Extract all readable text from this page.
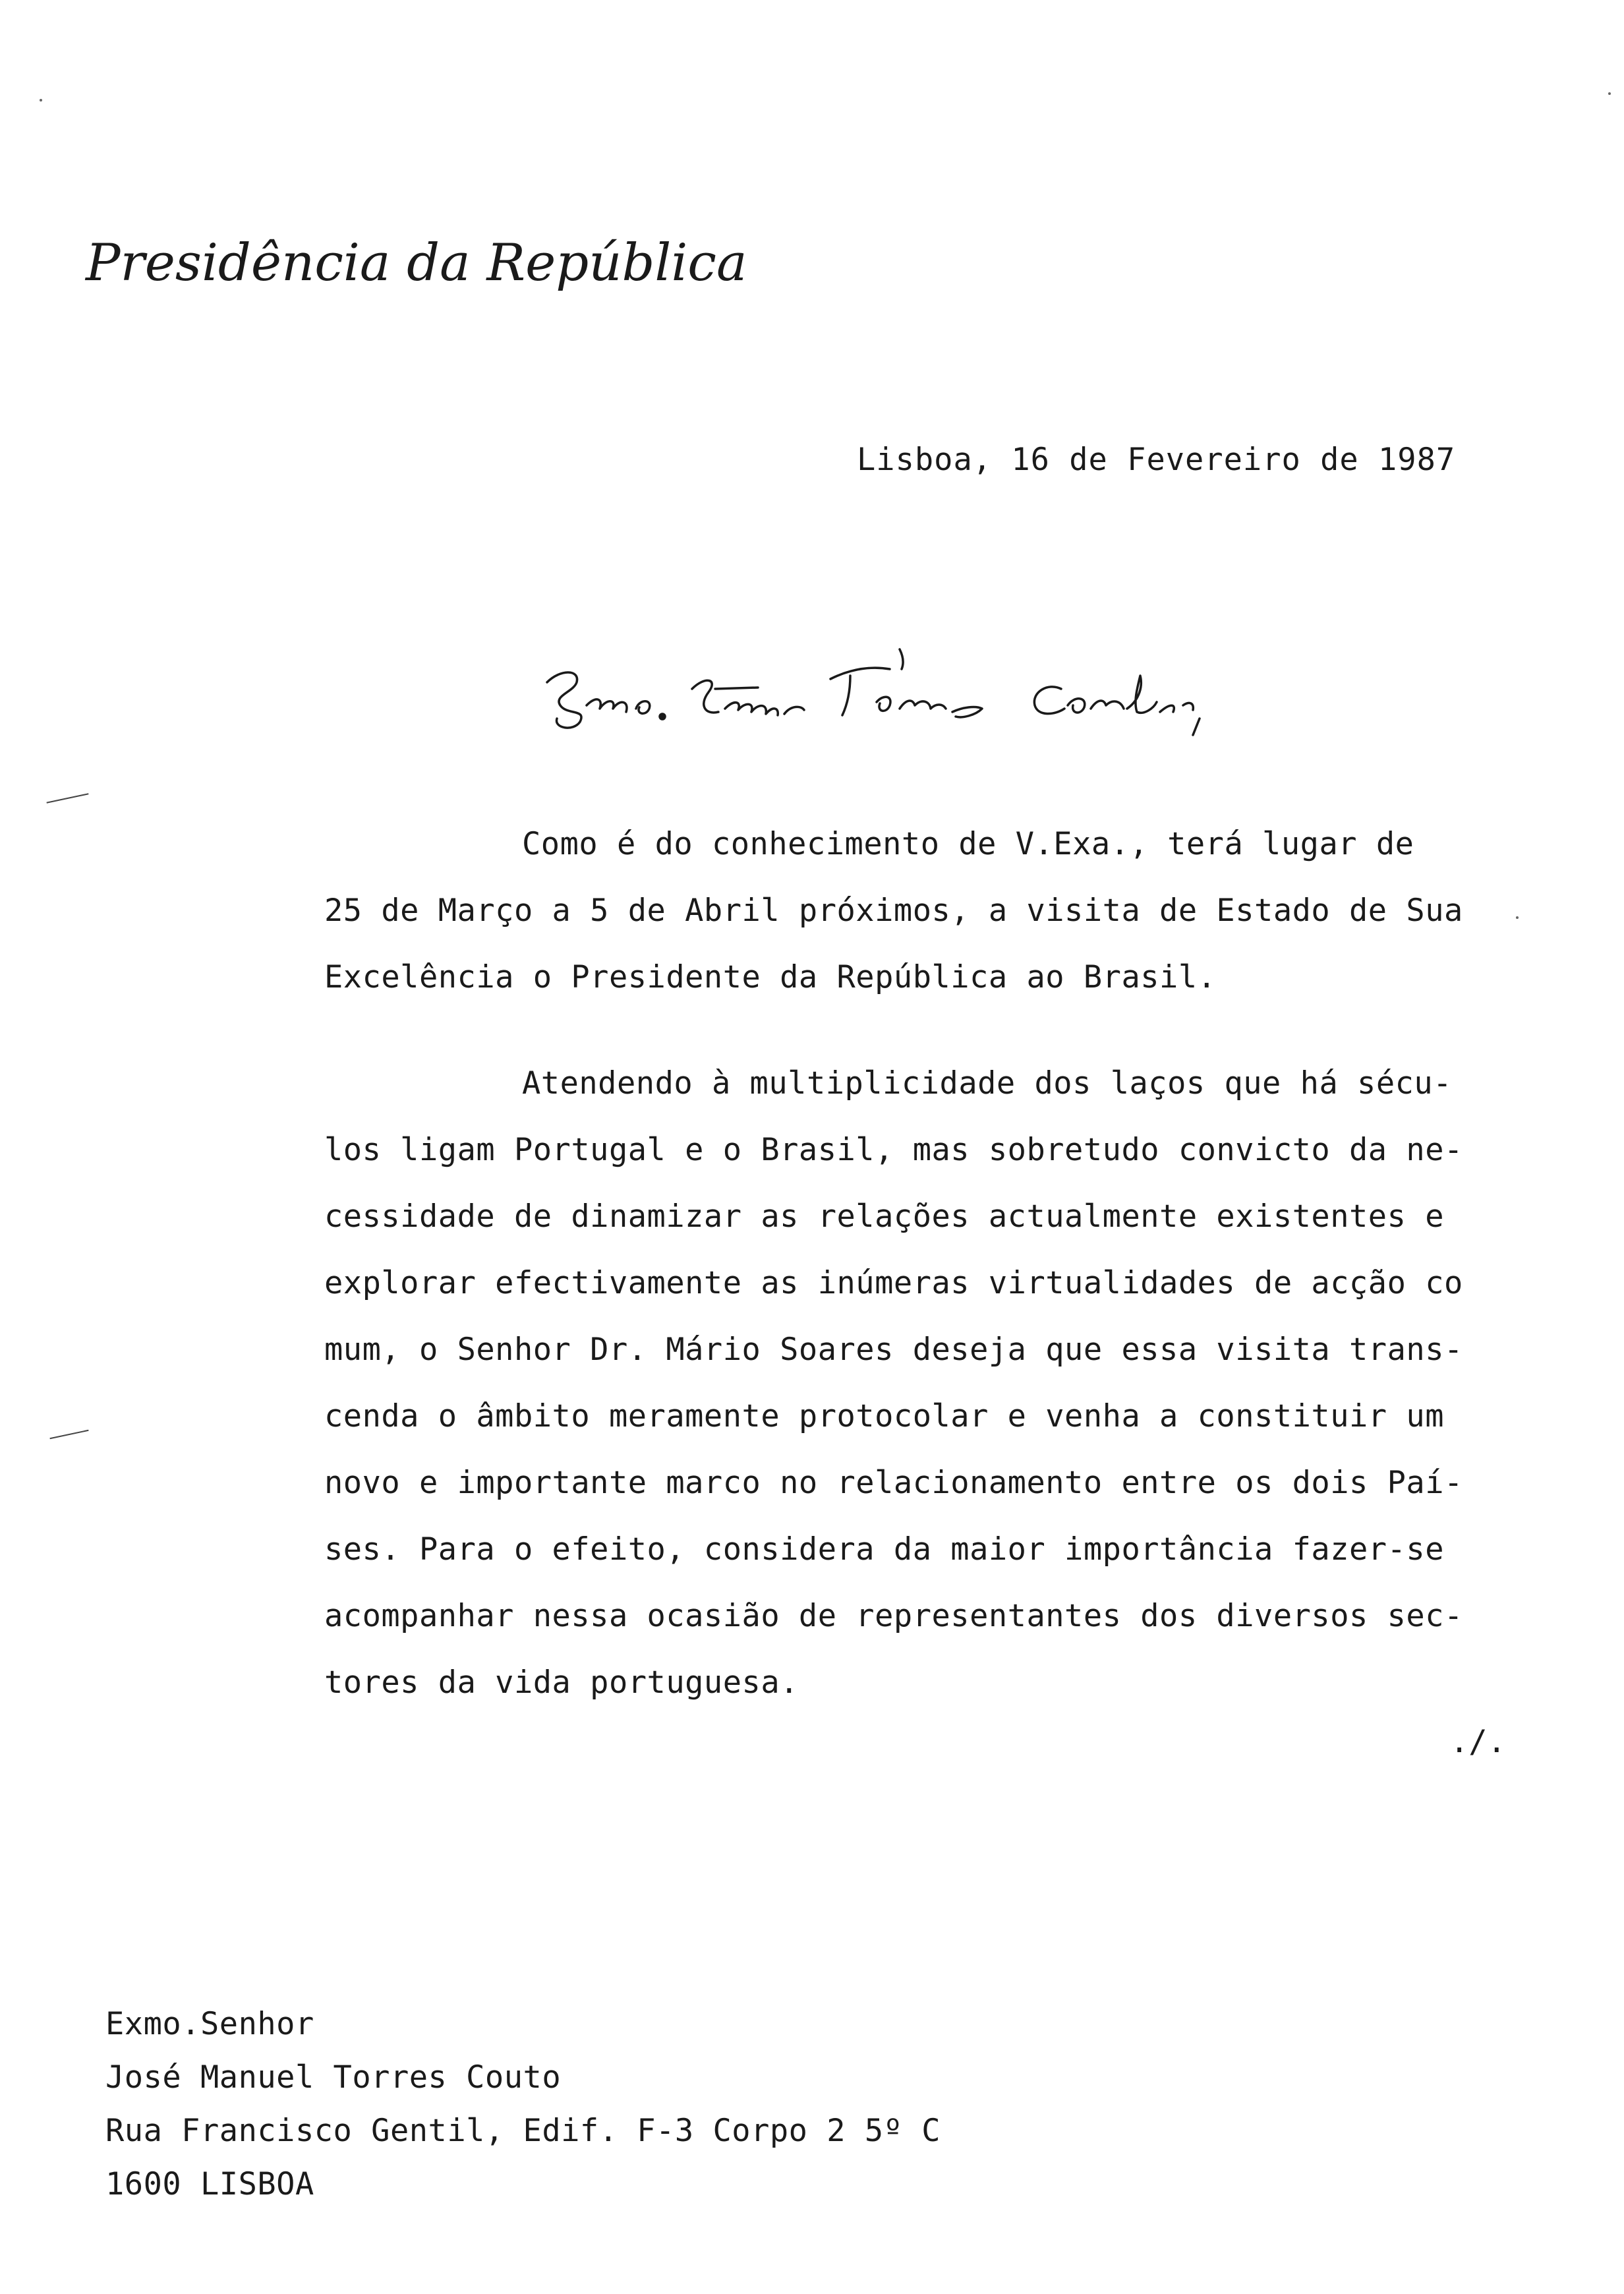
Presidência da República
Lisboa, 16 de Fevereiro de 1987

Como é do conhecimento de V.Exa., terá lugar de
25 de Março a 5 de Abril próximos, a visita de Estado de Sua
Excelência o Presidente da República ao Brasil.

Atendendo à multiplicidade dos laços que há sécu-
los ligam Portugal e o Brasil, mas sobretudo convicto da ne-
cessidade de dinamizar as relações actualmente existentes e
explorar efectivamente as inúmeras virtualidades de acção co
mum, o Senhor Dr. Mário Soares deseja que essa visita trans-
cenda o âmbito meramente protocolar e venha a constituir um
novo e importante marco no relacionamento entre os dois Paí-
ses. Para o efeito, considera da maior importância fazer-se
acompanhar nessa ocasião de representantes dos diversos sec-
tores da vida portuguesa.

./.
Exmo.Senhor
José Manuel Torres Couto
Rua Francisco Gentil, Edif. F-3 Corpo 2 5º C
1600 LISBOA
